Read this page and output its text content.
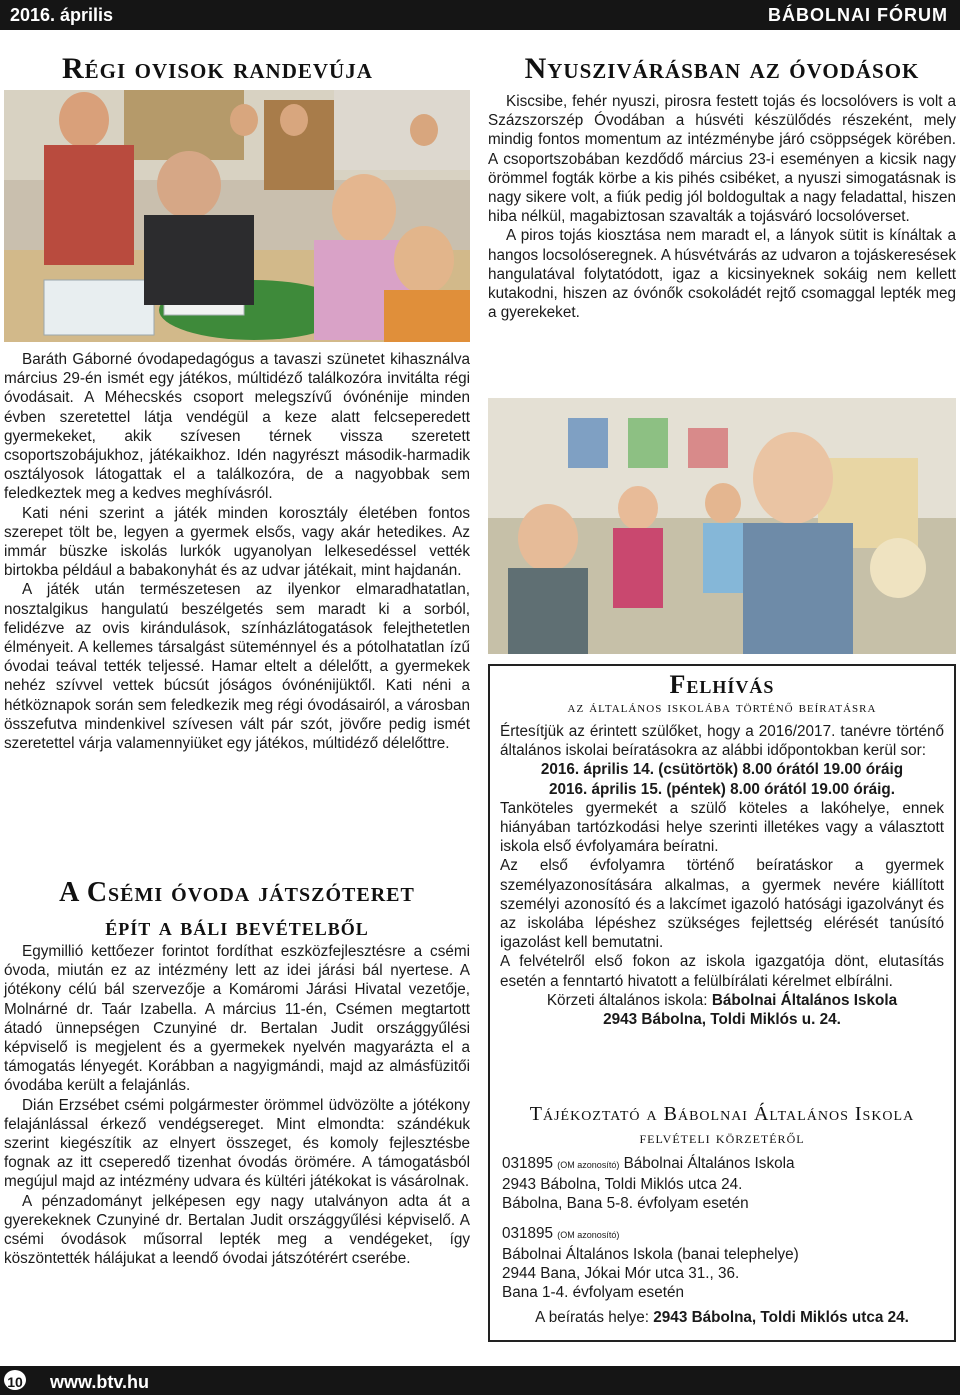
2016. április	BÁBOLNAI FÓRUM
Régi ovisok randevúja

Baráth Gáborné óvodapedagógus a tavaszi szünetet kihasználva március 29-én ismét egy játékos, múltidéző találkozóra invitálta régi óvodásait. A Méhecskés csoport melegszívű óvónénije minden évben szeretettel látja vendégül a keze alatt felcseperedett gyermekeket, akik szívesen térnek vissza szeretett csoportszobájukhoz, játékaikhoz. Idén nagyrészt második-harmadik osztályosok látogattak el a találkozóra, de a nagyobbak sem feledkeztek meg a kedves meghívásról.

Kati néni szerint a játék minden korosztály életében fontos szerepet tölt be, legyen a gyermek elsős, vagy akár hetedikes. Az immár büszke iskolás lurkók ugyanolyan lelkesedéssel vették birtokba például a babakonyhát és az udvar játékait, mint hajdanán.

A játék után természetesen az ilyenkor elmaradhatatlan, nosztalgikus hangulatú beszélgetés sem maradt ki a sorból, felidézve az ovis kirándulások, színházlátogatások felejthetetlen élményeit. A kellemes társalgást süteménnyel és a pótolhatatlan ízű óvodai teával tették teljessé. Hamar eltelt a délelőtt, a gyermekek nehéz szívvel vettek búcsút jóságos óvónénijüktől. Kati néni a hétköznapok során sem feledkezik meg régi óvodásairól, a városban összefutva mindenkivel szívesen vált pár szót, jövőre pedig ismét szeretettel várja valamennyiüket egy játékos, múltidéző délelőttre.

A Csémi óvoda játszóteret
épít a báli bevételből

Egymillió kettőezer forintot fordíthat eszközfejlesztésre a csémi óvoda, miután ez az intézmény lett az idei járási bál nyertese. A jótékony célú bál szervezője a Komáromi Járási Hivatal vezetője, Molnárné dr. Taár Izabella. A március 11-én, Csémen megtartott átadó ünnepségen Czunyiné dr. Bertalan Judit országgyűlési képviselő is megjelent és a gyermekek nyelvén magyarázta el a támogatás lényegét. Korábban a nagyigmándi, majd az almásfüzitői óvodába került a felajánlás.

Dián Erzsébet csémi polgármester örömmel üdvözölte a jótékony felajánlással érkező vendégsereget. Mint elmondta: szándékuk szerint kiegészítik az elnyert összeget, és komoly fejlesztésbe fognak az itt cseperedő tizenhat óvodás örömére. A támogatásból megújul majd az intézmény udvara és kültéri játékokat is vásárolnak.

A pénzadományt jelképesen egy nagy utalványon adta át a gyerekeknek Czunyiné dr. Bertalan Judit országgyűlési képviselő. A csémi óvodások műsorral lepték meg a vendégeket, így köszöntették hálájukat a leendő óvodai játszótérért cserébe.

Nyuszivárásban az óvodások

Kiscsibe, fehér nyuszi, pirosra festett tojás és locsolóvers is volt a Százszorszép Óvodában a húsvéti készülődés részeként, mely mindig fontos momentum az intézménybe járó csöppségek körében. A csoportszobában kezdődő március 23-i eseményen a kicsik nagy örömmel fogták körbe a kis pihés csibéket, a nyuszi simogatásnak is nagy sikere volt, a fiúk pedig jól boldogultak a nagy feladattal, hiszen hiba nélkül, magabiztosan szavalták a tojásváró locsolóverset.

A piros tojás kiosztása nem maradt el, a lányok sütit is kínáltak a hangos locsolóseregnek. A húsvétvárás az udvaron a tojáskeresések hangulatával folytatódott, igaz a kicsinyeknek sokáig nem kellett kutakodni, hiszen az óvónők csokoládét rejtő csomaggal lepték meg a gyerekeket.

Felhívás
az általános iskolába történő beíratásra
Értesítjük az érintett szülőket, hogy a 2016/2017. tanévre történő általános iskolai beíratásokra az alábbi időpontokban kerül sor:
2016. április 14. (csütörtök) 8.00 órától 19.00 óráig
2016. április 15. (péntek) 8.00 órától 19.00 óráig.
Tanköteles gyermekét a szülő köteles a lakóhelye, ennek hiányában tartózkodási helye szerinti illetékes vagy a választott iskola első évfolyamára beíratni.
Az első évfolyamra történő beíratáskor a gyermek személyazonosítására alkalmas, a gyermek nevére kiállított személyi azonosító és a lakcímet igazoló hatósági igazolványt és az iskolába lépéshez szükséges fejlettség elérését tanúsító igazolást kell bemutatni.
A felvételről első fokon az iskola igazgatója dönt, elutasítás esetén a fenntartó hivatott a felülbírálati kérelmet elbírálni.
Körzeti általános iskola: Bábolnai Általános Iskola
2943 Bábolna, Toldi Miklós u. 24.
Tájékoztató a Bábolnai Általános Iskola
felvételi körzetéről
031895 (OM azonosító) Bábolnai Általános Iskola
2943 Bábolna, Toldi Miklós utca 24.
Bábolna, Bana 5-8. évfolyam esetén
031895 (OM azonosító)
Bábolnai Általános Iskola (banai telephelye)
2944 Bana, Jókai Mór utca 31., 36.
Bana 1-4. évfolyam esetén
A beíratás helye: 2943 Bábolna, Toldi Miklós utca 24.
10 www.btv.hu
